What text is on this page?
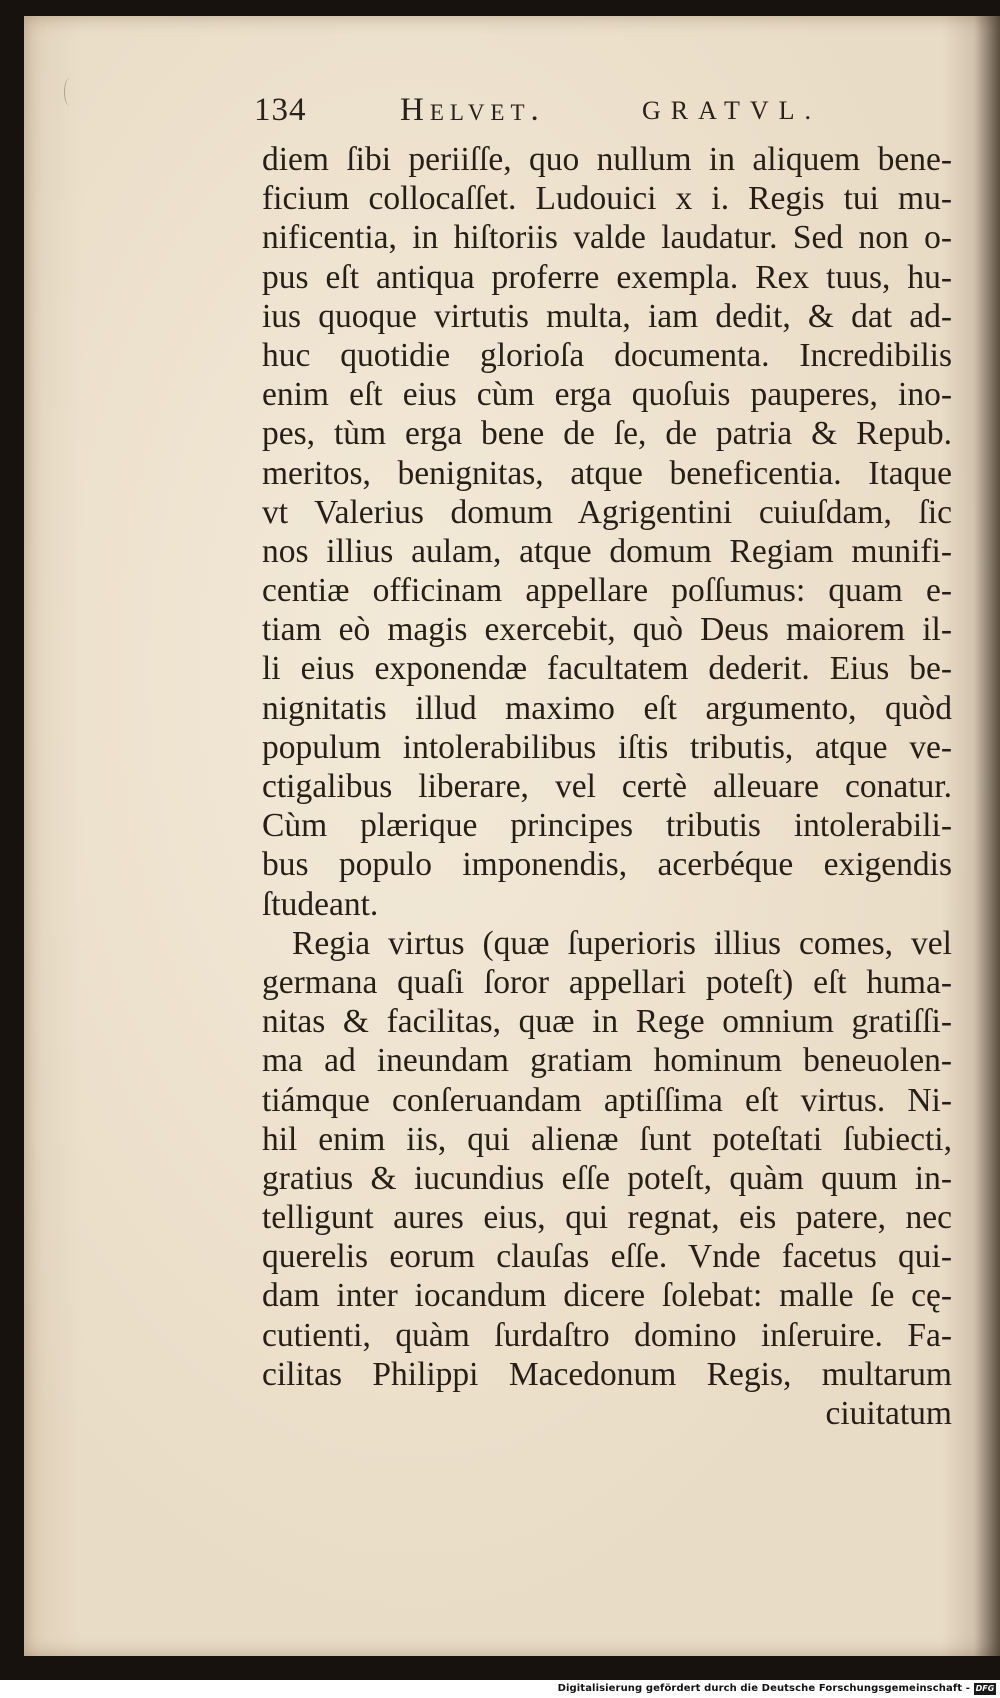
134	Helvet.	GRATVL.
diem ſibi periiſſe, quo nullum in aliquem bene-
ficium collocaſſet. Ludouici x i. Regis tui mu-
nificentia, in hiſtoriis valde laudatur. Sed non o-
pus eſt antiqua proferre exempla. Rex tuus, hu-
ius quoque virtutis multa, iam dedit, & dat ad-
huc quotidie glorioſa documenta. Incredibilis
enim eſt eius cùm erga quoſuis pauperes, ino-
pes, tùm erga bene de ſe, de patria & Repub.
meritos, benignitas, atque beneficentia. Itaque
vt Valerius domum Agrigentini cuiuſdam, ſic
nos illius aulam, atque domum Regiam munifi-
centiæ officinam appellare poſſumus: quam e-
tiam eò magis exercebit, quò Deus maiorem il-
li eius exponendæ facultatem dederit. Eius be-
nignitatis illud maximo eſt argumento, quòd
populum intolerabilibus iſtis tributis, atque ve-
ctigalibus liberare, vel certè alleuare conatur.
Cùm plærique principes tributis intolerabili-
bus populo imponendis, acerbéque exigendis
ſtudeant.
Regia virtus (quæ ſuperioris illius comes, vel
germana quaſi ſoror appellari poteſt) eſt huma-
nitas & facilitas, quæ in Rege omnium gratiſſi-
ma ad ineundam gratiam hominum beneuolen-
tiámque conſeruandam aptiſſima eſt virtus. Ni-
hil enim iis, qui alienæ ſunt poteſtati ſubiecti,
gratius & iucundius eſſe poteſt, quàm quum in-
telligunt aures eius, qui regnat, eis patere, nec
querelis eorum clauſas eſſe. Vnde facetus qui-
dam inter iocandum dicere ſolebat: malle ſe cę-
cutienti, quàm ſurdaſtro domino inſeruire. Fa-
cilitas Philippi Macedonum Regis, multarum
ciuitatum
Digitalisierung gefördert durch die Deutsche Forschungsgemeinschaft - DFG
